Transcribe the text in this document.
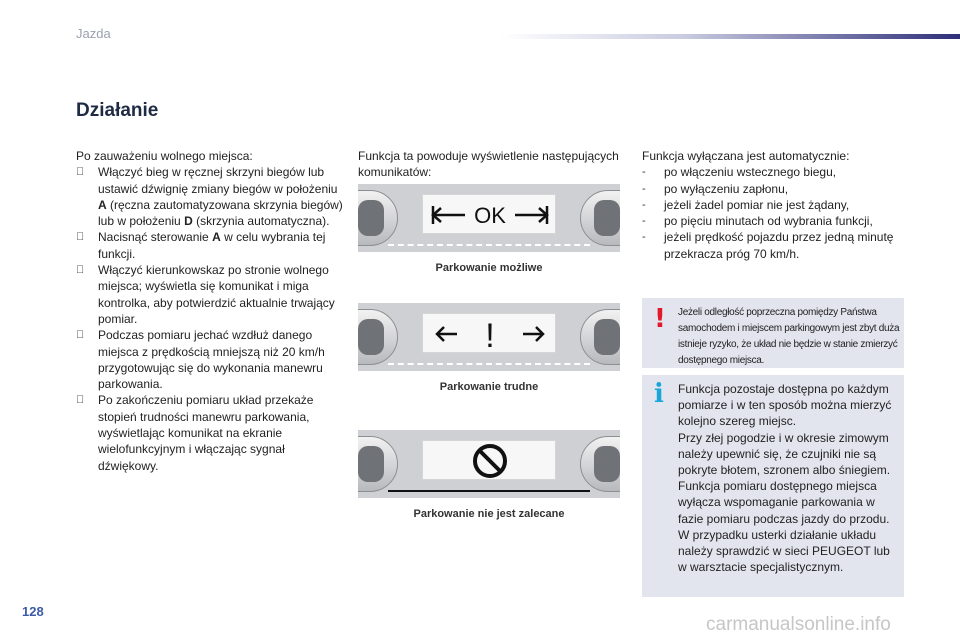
Jazda
Działanie
Po zauważeniu wolnego miejsca:
Włączyć bieg w ręcznej skrzyni biegów lub ustawić dźwignię zmiany biegów w położeniu A (ręczna zautomatyzowana skrzynia biegów) lub w położeniu D (skrzynia automatyczna).
Nacisnąć sterowanie A w celu wybrania tej funkcji.
Włączyć kierunkowskaz po stronie wolnego miejsca; wyświetla się komunikat i miga kontrolka, aby potwierdzić aktualnie trwający pomiar.
Podczas pomiaru jechać wzdłuż danego miejsca z prędkością mniejszą niż 20 km/h przygotowując się do wykonania manewru parkowania.
Po zakończeniu pomiaru układ przekaże stopień trudności manewru parkowania, wyświetlając komunikat na ekranie wielofunkcyjnym i włączając sygnał dźwiękowy.
Funkcja ta powoduje wyświetlenie następujących komunikatów:
OK
Parkowanie możliwe
!
Parkowanie trudne
Parkowanie nie jest zalecane
Funkcja wyłączana jest automatycznie:
-	po włączeniu wstecznego biegu,
-	po wyłączeniu zapłonu,
-	jeżeli żadel pomiar nie jest żądany,
-	po pięciu minutach od wybrania funkcji,
-	jeżeli prędkość pojazdu przez jedną minutę przekracza próg 70 km/h.
! Jeżeli odległość poprzeczna pomiędzy Państwa samochodem i miejscem parkingowym jest zbyt duża istnieje ryzyko, że układ nie będzie w stanie zmierzyć dostępnego miejsca.
i Funkcja pozostaje dostępna po każdym pomiarze i w ten sposób można mierzyć kolejno szereg miejsc.
Przy złej pogodzie i w okresie zimowym należy upewnić się, że czujniki nie są pokryte błotem, szronem albo śniegiem.
Funkcja pomiaru dostępnego miejsca wyłącza wspomaganie parkowania w fazie pomiaru podczas jazdy do przodu.
W przypadku usterki działanie układu należy sprawdzić w sieci PEUGEOT lub w warsztacie specjalistycznym.
128
carmanualsonline.info
